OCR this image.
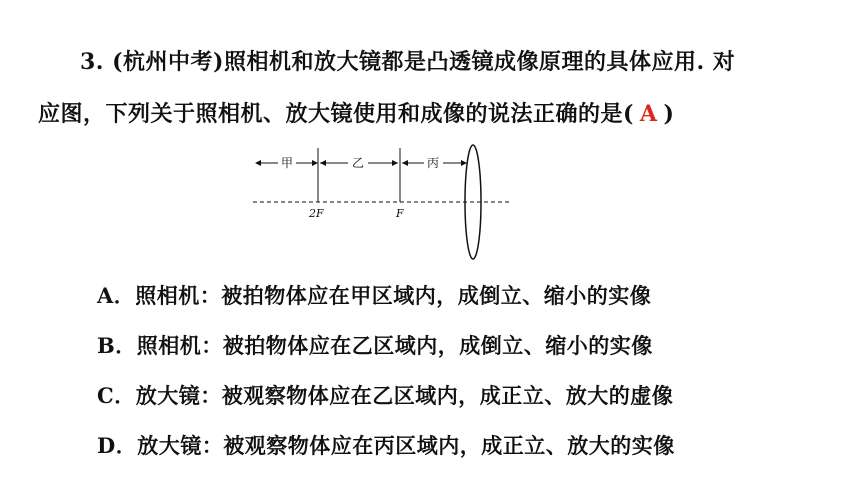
3. (杭州中考)照相机和放大镜都是凸透镜成像原理的具体应用. 对
应图，下列关于照相机、放大镜使用和成像的说法正确的是( A )
甲	乙	丙
2F	F
A．照相机：被拍物体应在甲区域内，成倒立、缩小的实像
B．照相机：被拍物体应在乙区域内，成倒立、缩小的实像
C．放大镜：被观察物体应在乙区域内，成正立、放大的虚像
D．放大镜：被观察物体应在丙区域内，成正立、放大的实像
